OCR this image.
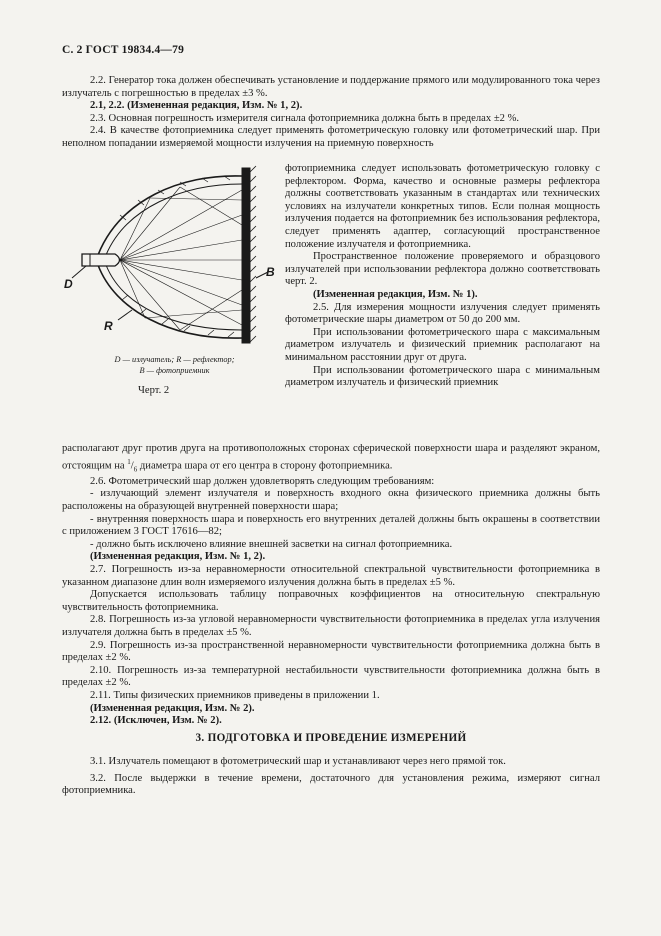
С. 2 ГОСТ 19834.4—79

2.2. Генератор тока должен обеспечивать установление и поддержание прямого или модулированного тока через излучатель с погрешностью в пределах ±3 %.

2.1, 2.2. (Измененная редакция, Изм. № 1, 2).

2.3. Основная погрешность измерителя сигнала фотоприемника должна быть в пределах ±2 %.

2.4. В качестве фотоприемника следует применять фотометрическую головку или фотометрический шар. При неполном попадании измеряемой мощности излучения на приемную поверхность

D
R
В
D — излучатель; R — рефлектор;
В — фотоприемник
Черт. 2

фотоприемника следует использовать фотометрическую головку с рефлектором. Форма, качество и основные размеры рефлектора должны соответствовать указанным в стандартах или технических условиях на излучатели конкретных типов. Если полная мощность излучения подается на фотоприемник без использования рефлектора, следует применять адаптер, согласующий пространственное положение излучателя и фотоприемника.

Пространственное положение проверяемого и образцового излучателей при использовании рефлектора должно соответствовать черт. 2.

(Измененная редакция, Изм. № 1).

2.5. Для измерения мощности излучения следует применять фотометрические шары диаметром от 50 до 200 мм.

При использовании фотометрического шара с максимальным диаметром излучатель и физический приемник располагают на минимальном расстоянии друг от друга.

При использовании фотометрического шара с минимальным диаметром излучатель и физический приемник

располагают друг против друга на противоположных сторонах сферической поверхности шара и разделяют экраном, отстоящим на $^1/_6$ диаметра шара от его центра в сторону фотоприемника.

2.6. Фотометрический шар должен удовлетворять следующим требованиям:

- излучающий элемент излучателя и поверхность входного окна физического приемника должны быть расположены на образующей внутренней поверхности шара;

- внутренняя поверхность шара и поверхность его внутренних деталей должны быть окрашены в соответствии с приложением 3 ГОСТ 17616—82;

- должно быть исключено влияние внешней засветки на сигнал фотоприемника.

(Измененная редакция, Изм. № 1, 2).

2.7. Погрешность из-за неравномерности относительной спектральной чувствительности фотоприемника в указанном диапазоне длин волн измеряемого излучения должна быть в пределах ±5 %.

Допускается использовать таблицу поправочных коэффициентов на относительную спектральную чувствительность фотоприемника.

2.8. Погрешность из-за угловой неравномерности чувствительности фотоприемника в пределах угла излучения излучателя должна быть в пределах ±5 %.

2.9. Погрешность из-за пространственной неравномерности чувствительности фотоприемника должна быть в пределах ±2 %.

2.10. Погрешность из-за температурной нестабильности чувствительности фотоприемника должна быть в пределах ±2 %.

2.11. Типы физических приемников приведены в приложении 1.

(Измененная редакция, Изм. № 2).

2.12. (Исключен, Изм. № 2).

3. ПОДГОТОВКА И ПРОВЕДЕНИЕ ИЗМЕРЕНИЙ

3.1. Излучатель помещают в фотометрический шар и устанавливают через него прямой ток.

3.2. После выдержки в течение времени, достаточного для установления режима, измеряют сигнал фотоприемника.
